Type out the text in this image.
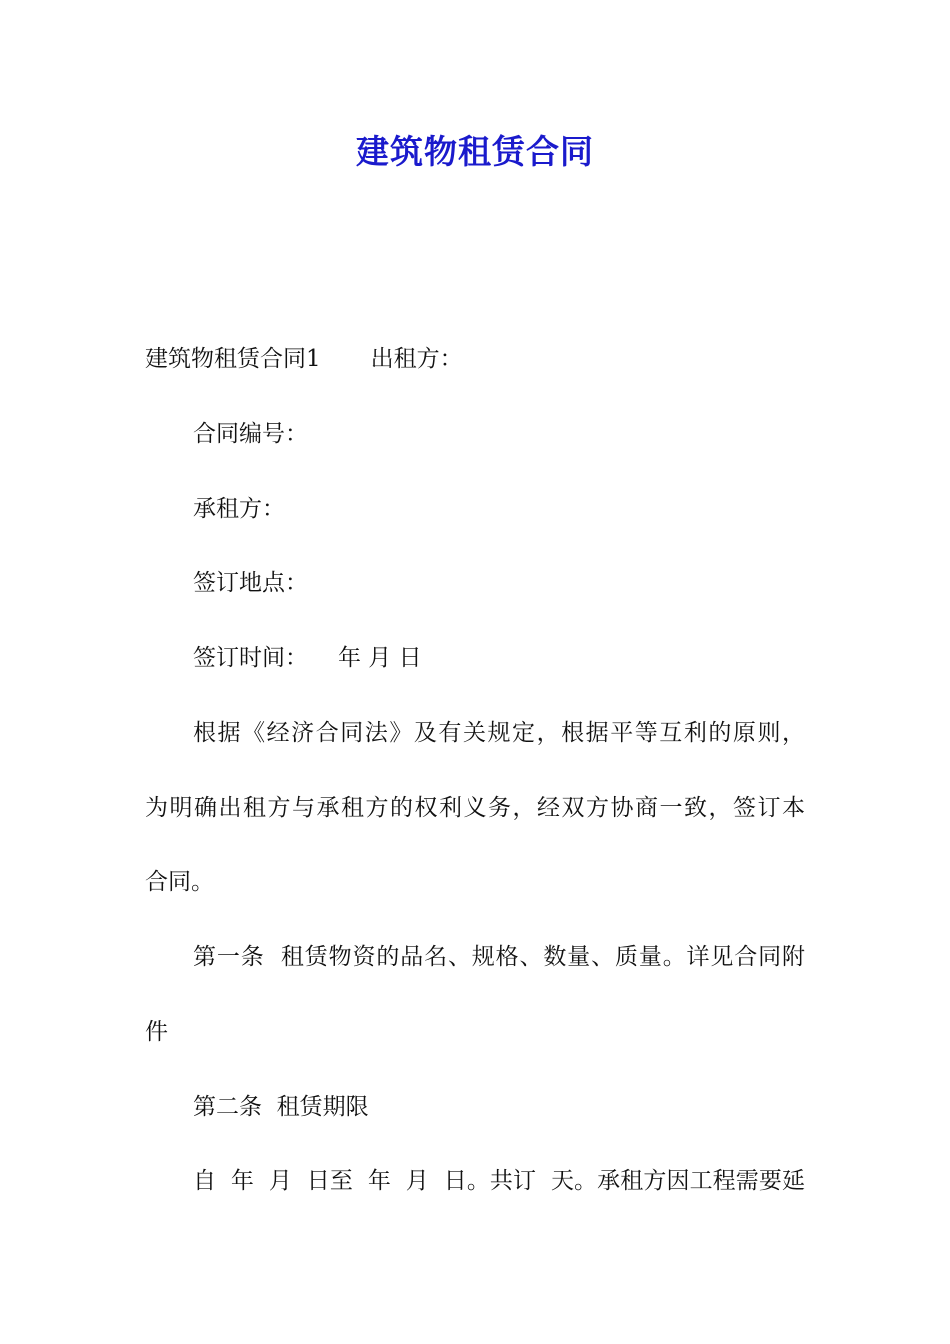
建筑物租赁合同
建筑物租赁合同1 出租方：
合同编号：
承租方：
签订地点：
签订时间： 年 月 日
根据《经济合同法》及有关规定，根据平等互利的原则，
为明确出租方与承租方的权利义务，经双方协商一致，签订本
合同。
第一条  租赁物资的品名、规格、数量、质量。详见合同附
件
第二条  租赁期限
自  年  月  日至  年  月  日。共订  天。承租方因工程需要延
